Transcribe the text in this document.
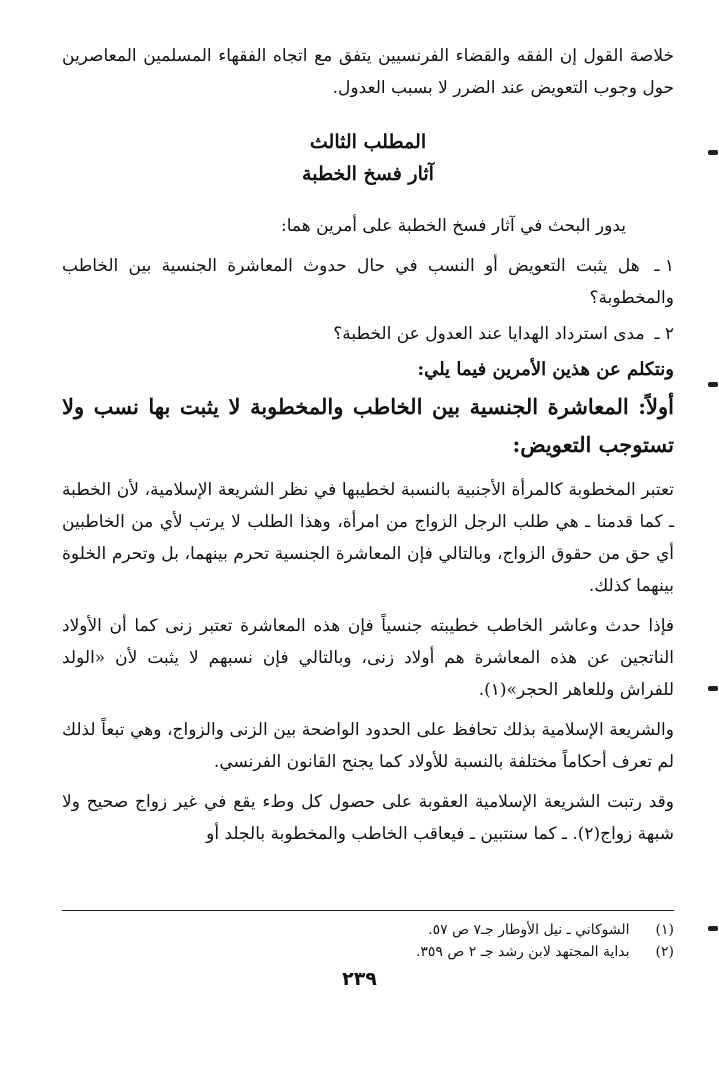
خلاصة القول إن الفقه والقضاء الفرنسيين يتفق مع اتجاه الفقهاء المسلمين المعاصرين حول وجوب التعويض عند الضرر لا بسبب العدول.

المطلب الثالث

آثار فسخ الخطبة

يدور البحث في آثار فسخ الخطبة على أمرين هما:

١ ـ هل يثبت التعويض أو النسب في حال حدوث المعاشرة الجنسية بين الخاطب والمخطوبة؟
٢ ـ مدى استرداد الهدايا عند العدول عن الخطبة؟

ونتكلم عن هذين الأمرين فيما يلي:

أولاً: المعاشرة الجنسية بين الخاطب والمخطوبة لا يثبت بها نسب ولا تستوجب التعويض:

تعتبر المخطوبة كالمرأة الأجنبية بالنسبة لخطيبها في نظر الشريعة الإسلامية، لأن الخطبة ـ كما قدمنا ـ هي طلب الرجل الزواج من امرأة، وهذا الطلب لا يرتب لأي من الخاطبين أي حق من حقوق الزواج، وبالتالي فإن المعاشرة الجنسية تحرم بينهما، بل وتحرم الخلوة بينهما كذلك.

فإذا حدث وعاشر الخاطب خطيبته جنسياً فإن هذه المعاشرة تعتبر زنى كما أن الأولاد الناتجين عن هذه المعاشرة هم أولاد زنى، وبالتالي فإن نسبهم لا يثبت لأن «الولد للفراش وللعاهر الحجر»(١).

والشريعة الإسلامية بذلك تحافظ على الحدود الواضحة بين الزنى والزواج، وهي تبعاً لذلك لم تعرف أحكاماً مختلفة بالنسبة للأولاد كما يجنح القانون الفرنسي.

وقد رتبت الشريعة الإسلامية العقوبة على حصول كل وطء يقع في غير زواج صحيح ولا شبهة زواج(٢). ـ كما سنتبين ـ فيعاقب الخاطب والمخطوبة بالجلد أو

(١) الشوكاني ـ نيل الأوطار جـ٧ ص ٥٧.

(٢) بداية المجتهد لابن رشد جـ ٢ ص ٣٥٩.

٢٣٩
